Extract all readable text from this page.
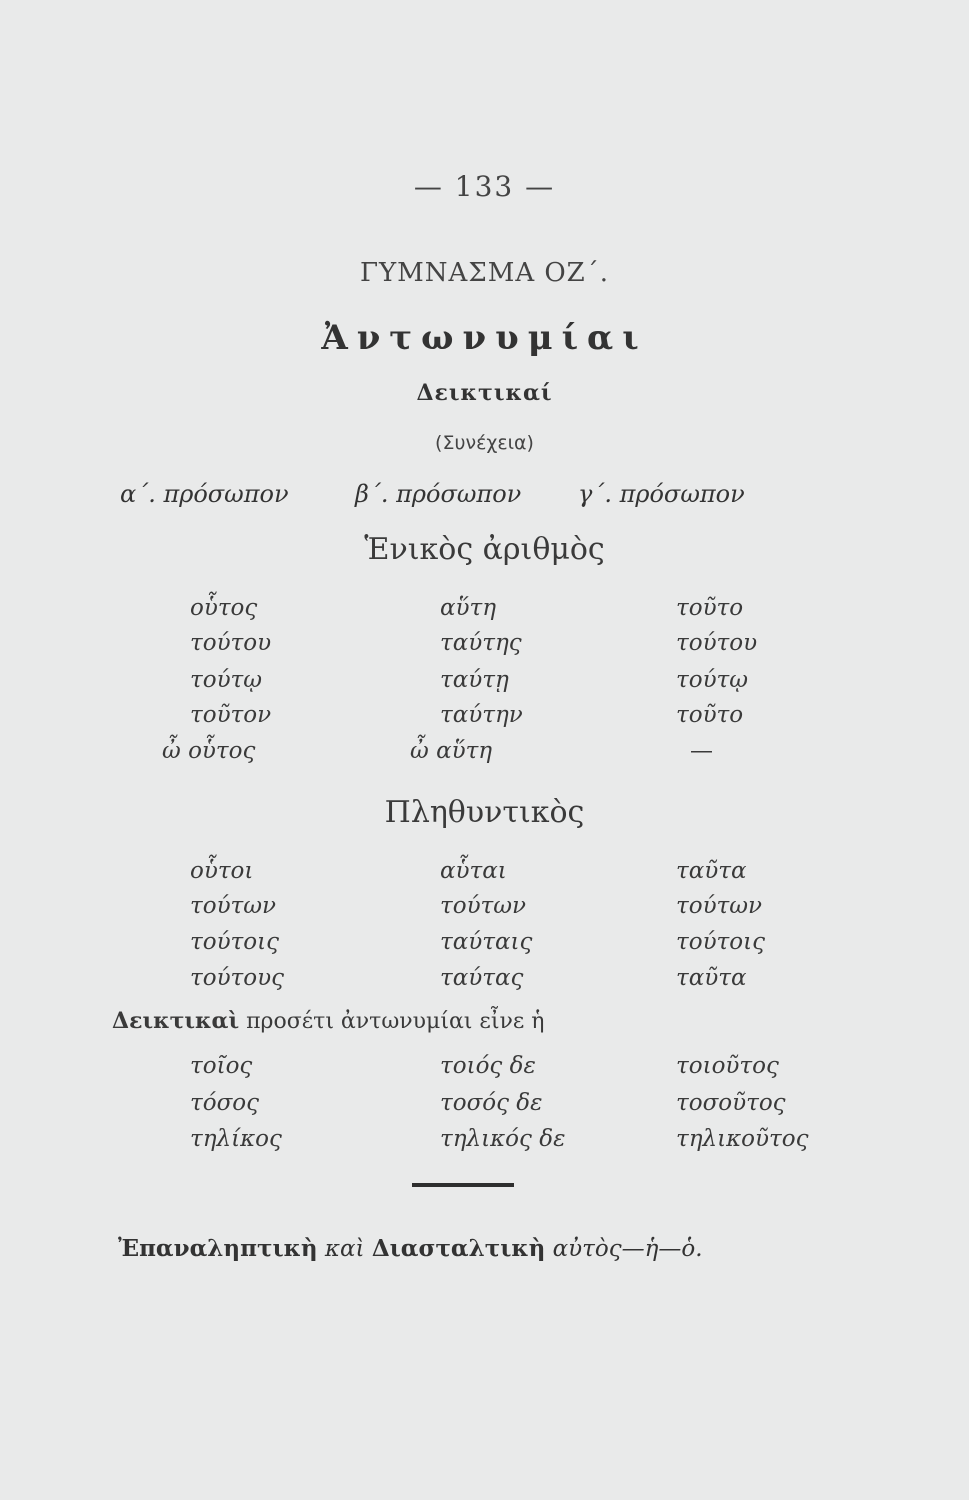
— 133 —
ΓΥΜΝΑΣΜΑ ΟΖ΄.
Ἀντωνυμίαι
Δεικτικαί
(Συνέχεια)
α΄. πρόσωπον	β΄. πρόσωπον γ΄. πρόσωπον
Ἑνικὸς ἀριθμὸς
οὗτος	αὕτη	τοῦτο
τούτου	ταύτης	τούτου
τούτῳ	ταύτῃ	τούτῳ
τοῦτον	ταύτην	τοῦτο
ὦ οὗτος	ὦ αὕτη	—
Πληθυντικὸς
οὗτοι	αὗται	ταῦτα
τούτων	τούτων	τούτων
τούτοις	ταύταις	τούτοις
τούτους	ταύτας	ταῦτα
Δεικτικαὶ προσέτι ἀντωνυμίαι εἶνε ἡ
τοῖος	τοιός δε	τοιοῦτος
τόσος	τοσός δε	τοσοῦτος
τηλίκος	τηλικός δε	τηλικοῦτος
Ἐπαναληπτικὴ καὶ Διασταλτικὴ αὐτὸς—ἡ—ὁ.
